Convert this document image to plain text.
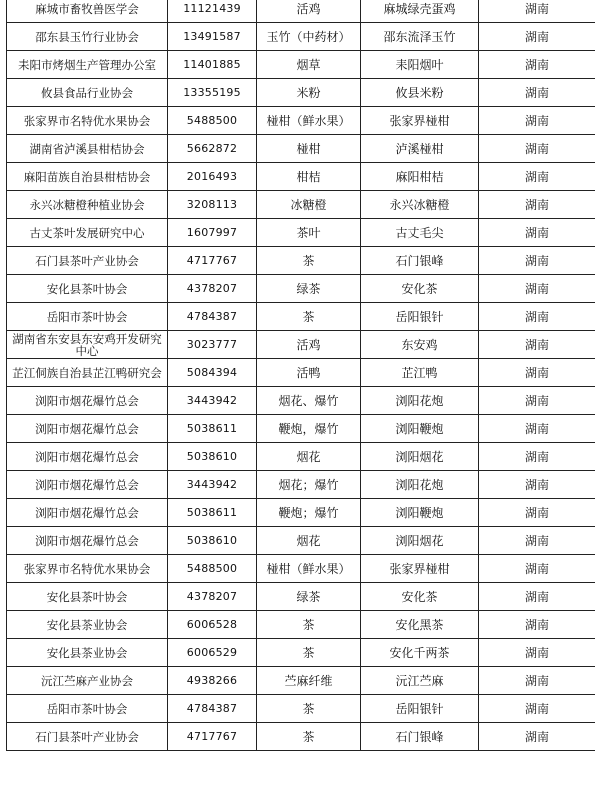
麻城市畜牧兽医学会	11121439	活鸡	麻城绿壳蛋鸡	湖南
邵东县玉竹行业协会	13491587	玉竹（中药材）	邵东流泽玉竹	湖南
耒阳市烤烟生产管理办公室	11401885	烟草	耒阳烟叶	湖南
攸县食品行业协会	13355195	米粉	攸县米粉	湖南
张家界市名特优水果协会	5488500	椪柑（鲜水果）	张家界椪柑	湖南
湖南省泸溪县柑桔协会	5662872	椪柑	泸溪椪柑	湖南
麻阳苗族自治县柑桔协会	2016493	柑桔	麻阳柑桔	湖南
永兴冰糖橙种植业协会	3208113	冰糖橙	永兴冰糖橙	湖南
古丈茶叶发展研究中心	1607997	茶叶	古丈毛尖	湖南
石门县茶叶产业协会	4717767	茶	石门银峰	湖南
安化县茶叶协会	4378207	绿茶	安化茶	湖南
岳阳市茶叶协会	4784387	茶	岳阳银针	湖南
湖南省东安县东安鸡开发研究中心	3023777	活鸡	东安鸡	湖南
芷江侗族自治县芷江鸭研究会	5084394	活鸭	芷江鸭	湖南
浏阳市烟花爆竹总会	3443942	烟花、爆竹	浏阳花炮	湖南
浏阳市烟花爆竹总会	5038611	鞭炮，爆竹	浏阳鞭炮	湖南
浏阳市烟花爆竹总会	5038610	烟花	浏阳烟花	湖南
浏阳市烟花爆竹总会	3443942	烟花；爆竹	浏阳花炮	湖南
浏阳市烟花爆竹总会	5038611	鞭炮；爆竹	浏阳鞭炮	湖南
浏阳市烟花爆竹总会	5038610	烟花	浏阳烟花	湖南
张家界市名特优水果协会	5488500	椪柑（鲜水果）	张家界椪柑	湖南
安化县茶叶协会	4378207	绿茶	安化茶	湖南
安化县茶业协会	6006528	茶	安化黑茶	湖南
安化县茶业协会	6006529	茶	安化千两茶	湖南
沅江苎麻产业协会	4938266	苎麻纤维	沅江苎麻	湖南
岳阳市茶叶协会	4784387	茶	岳阳银针	湖南
石门县茶叶产业协会	4717767	茶	石门银峰	湖南
